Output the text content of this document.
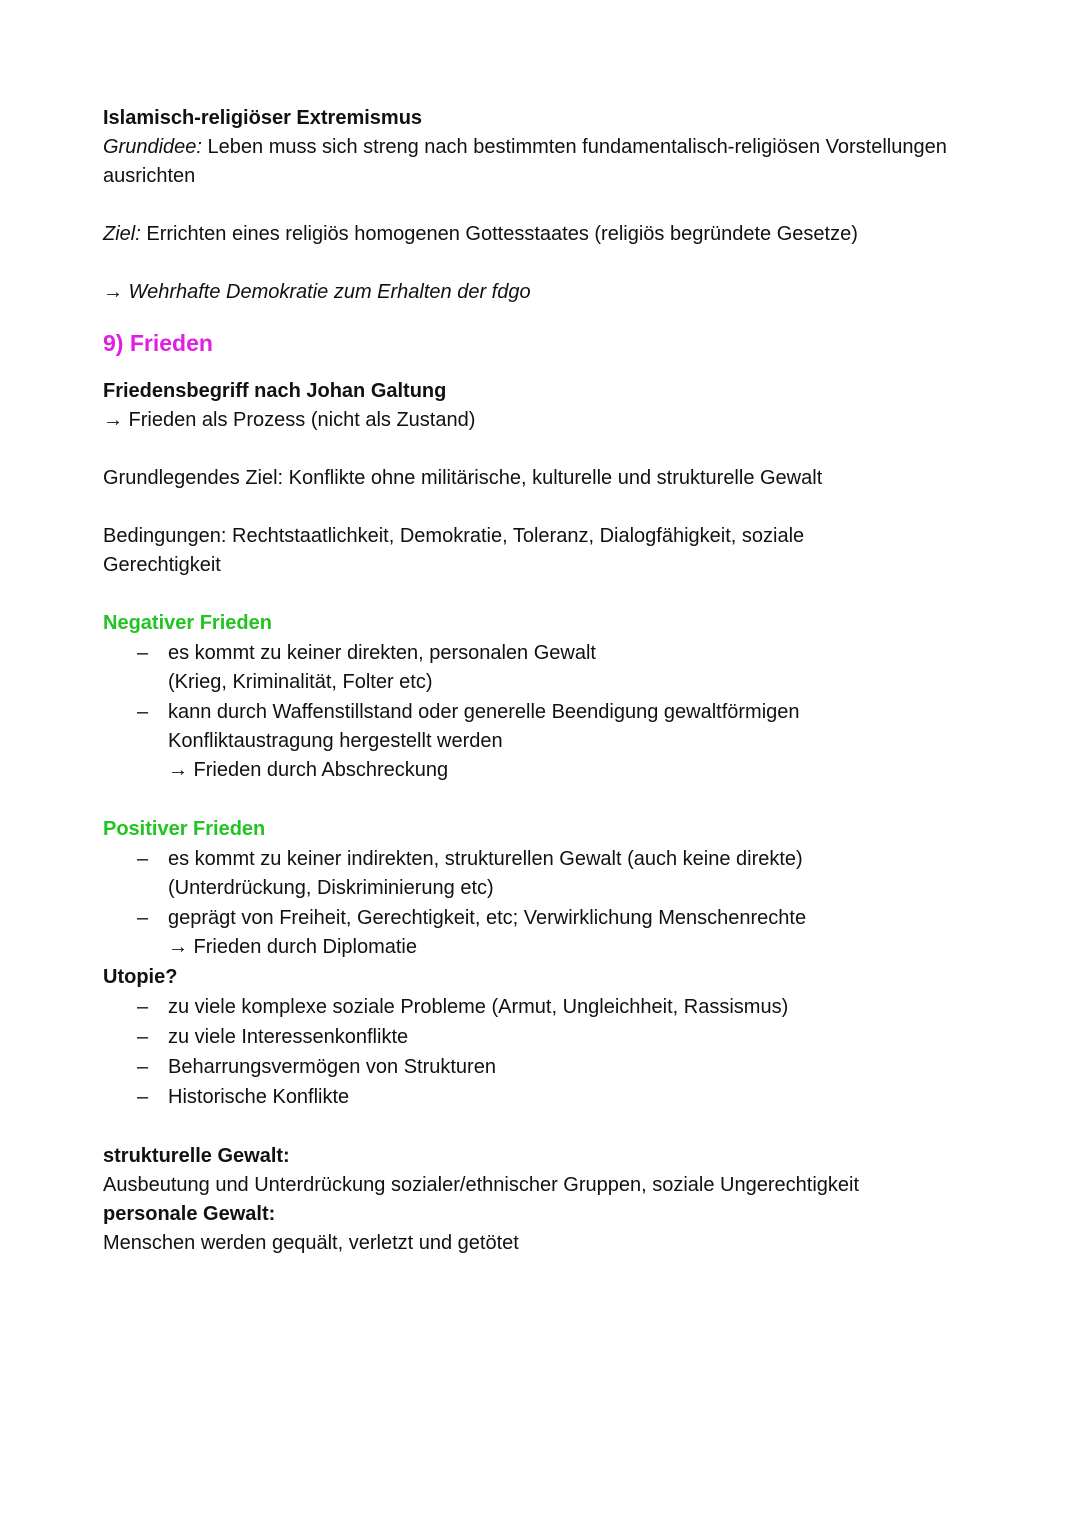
Islamisch-religiöser Extremismus

Grundidee: Leben muss sich streng nach bestimmten fundamentalisch-religiösen Vorstellungen ausrichten

Ziel: Errichten eines religiös homogenen Gottesstaates (religiös begründete Gesetze)

→ Wehrhafte Demokratie zum Erhalten der fdgo

9) Frieden

Friedensbegriff nach Johan Galtung

→ Frieden als Prozess (nicht als Zustand)

Grundlegendes Ziel: Konflikte ohne militärische, kulturelle und strukturelle Gewalt

Bedingungen: Rechtstaatlichkeit, Demokratie, Toleranz, Dialogfähigkeit, soziale Gerechtigkeit

Negativer Frieden

– es kommt zu keiner direkten, personalen Gewalt
(Krieg, Kriminalität, Folter etc)
– kann durch Waffenstillstand oder generelle Beendigung gewaltförmigen Konfliktaustragung hergestellt werden
→ Frieden durch Abschreckung

Positiver Frieden

– es kommt zu keiner indirekten, strukturellen Gewalt (auch keine direkte)
(Unterdrückung, Diskriminierung etc)
– geprägt von Freiheit, Gerechtigkeit, etc; Verwirklichung Menschenrechte
→ Frieden durch Diplomatie

Utopie?

– zu viele komplexe soziale Probleme (Armut, Ungleichheit, Rassismus)
– zu viele Interessenkonflikte
– Beharrungsvermögen von Strukturen
– Historische Konflikte

strukturelle Gewalt:

Ausbeutung und Unterdrückung sozialer/ethnischer Gruppen, soziale Ungerechtigkeit

personale Gewalt:

Menschen werden gequält, verletzt und getötet
